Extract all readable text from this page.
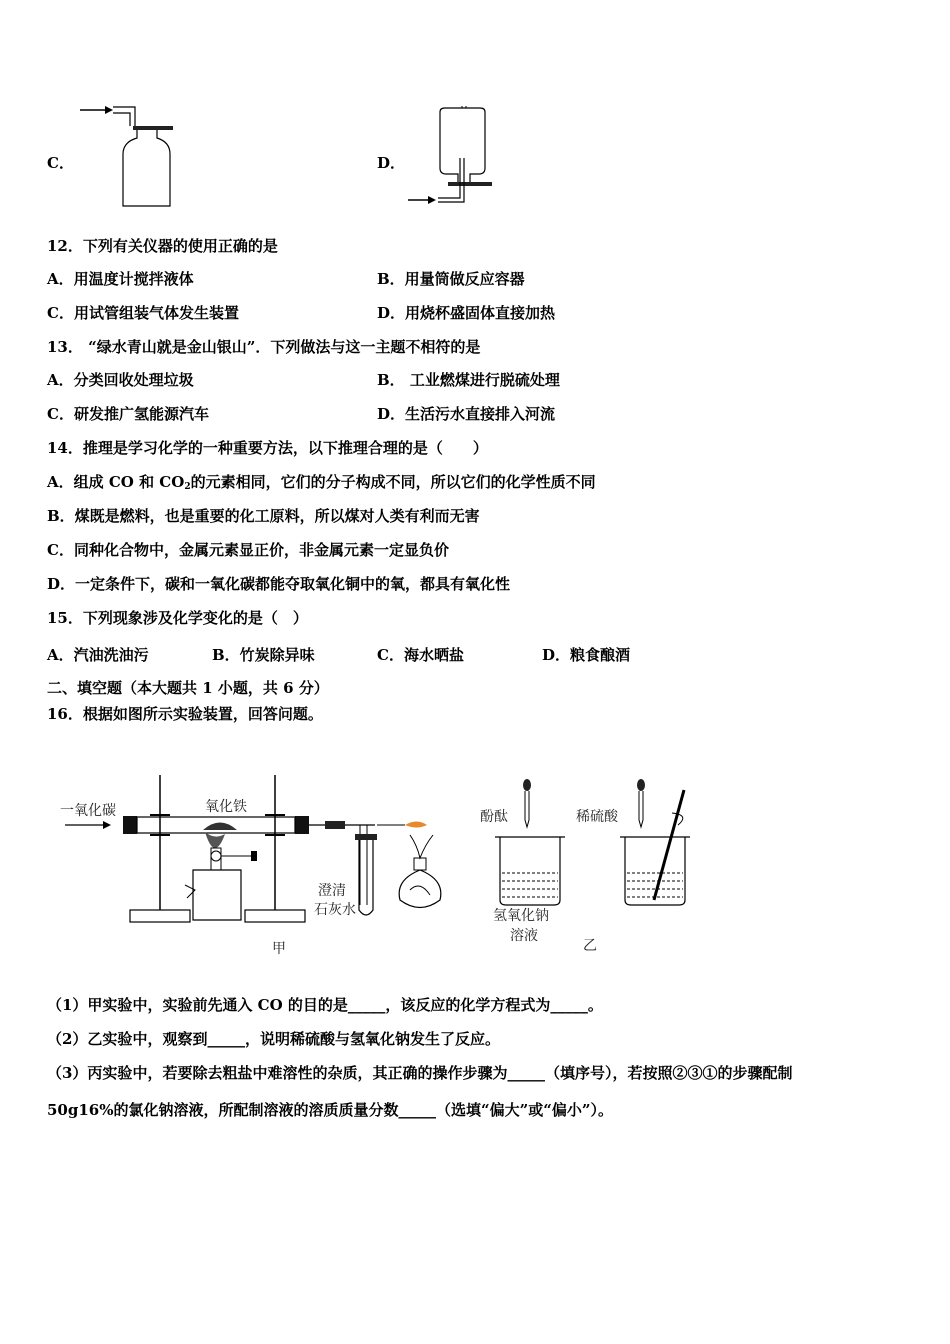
C．	D．
12．下列有关仪器的使用正确的是
A．用温度计搅拌液体	B．用量筒做反应容器
C．用试管组装气体发生装置	D．用烧杯盛固体直接加热
13． “绿水青山就是金山银山”．下列做法与这一主题不相符的是
A．分类回收处理垃圾	B． 工业燃煤进行脱硫处理
C．研发推广氢能源汽车	D．生活污水直接排入河流
14．推理是学习化学的一种重要方法，以下推理合理的是（　　）
A．组成 CO 和 $CO_2$的元素相同，它们的分子构成不同，所以它们的化学性质不同
B．煤既是燃料，也是重要的化工原料，所以煤对人类有利而无害
C．同种化合物中，金属元素显正价，非金属元素一定显负价
D．一定条件下，碳和一氧化碳都能夺取氧化铜中的氧，都具有氧化性
15．下列现象涉及化学变化的是（　）
A．汽油洗油污	B．竹炭除异味	C．海水晒盐	D．粮食酿酒
二、填空题（本大题共 1 小题，共 6 分）
16．根据如图所示实验装置，回答问题。
一氧化碳	氧化铁
澄清
石灰水
甲
酚酞	稀硫酸
氢氧化钠
溶液
乙
（1）甲实验中，实验前先通入 CO 的目的是_____，该反应的化学方程式为_____。
（2）乙实验中，观察到_____，说明稀硫酸与氢氧化钠发生了反应。
（3）丙实验中，若要除去粗盐中难溶性的杂质，其正确的操作步骤为_____（填序号），若按照②③①的步骤配制
50g16%的氯化钠溶液，所配制溶液的溶质质量分数_____（选填“偏大”或“偏小”）。
